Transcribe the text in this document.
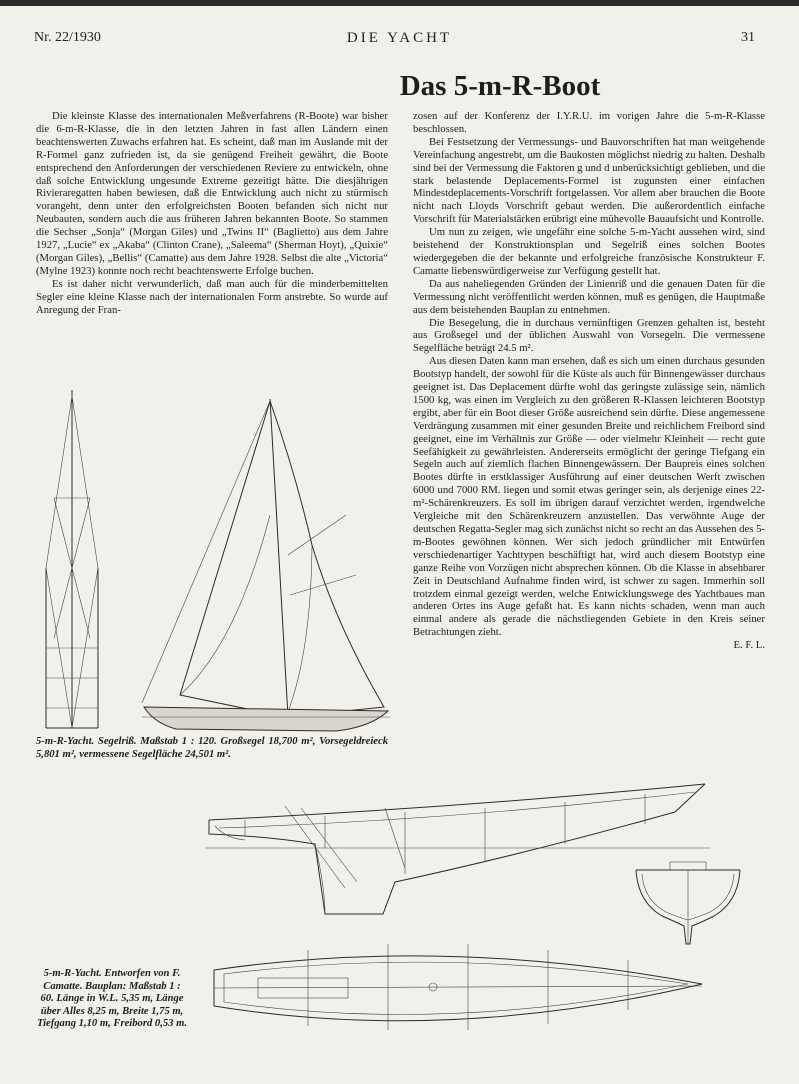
DIE YACHT
Nr. 22/1930	31
Das 5-m-R-Boot

Die kleinste Klasse des internationalen Meßverfahrens (R-Boote) war bisher die 6-m-R-Klasse, die in den letzten Jahren in fast allen Ländern einen beachtenswerten Zuwachs erfahren hat. Es scheint, daß man im Auslande mit der R-Formel ganz zufrieden ist, da sie genügend Freiheit gewährt, die Boote entsprechend den Anforderungen der verschiedenen Reviere zu entwickeln, ohne daß solche Entwicklung ungesunde Extreme gezeitigt hätte. Die diesjährigen Rivieraregatten haben bewiesen, daß die Entwicklung auch nicht zu stürmisch vorangeht, denn unter den erfolgreichsten Booten befanden sich nicht nur Neubauten, sondern auch die aus früheren Jahren bekannten Boote. So stammen die Sechser „Sonja“ (Morgan Giles) und „Twins II“ (Baglietto) aus dem Jahre 1927, „Lucie“ ex „Akaba“ (Clinton Crane), „Saleema“ (Sherman Hoyt), „Quixie“ (Morgan Giles), „Bellis“ (Camatte) aus dem Jahre 1928. Selbst die alte „Victoria“ (Mylne 1923) konnte noch recht beachtenswerte Erfolge buchen.

Es ist daher nicht verwunderlich, daß man auch für die minderbemittelten Segler eine kleine Klasse nach der internationalen Form anstrebte. So wurde auf Anregung der Fran-

zosen auf der Konferenz der I.Y.R.U. im vorigen Jahre die 5-m-R-Klasse beschlossen.

Bei Festsetzung der Vermessungs- und Bauvorschriften hat man weitgehende Vereinfachung angestrebt, um die Baukosten möglichst niedrig zu halten. Deshalb sind bei der Vermessung die Faktoren g und d unberücksichtigt geblieben, und die stark belastende Deplacements-Formel ist zugunsten einer einfachen Mindestdeplacements-Vorschrift fortgelassen. Vor allem aber brauchen die Boote nicht nach Lloyds Vorschrift gebaut werden. Die außerordentlich einfache Vorschrift für Materialstärken erübrigt eine mühevolle Bauaufsicht und Kontrolle.

Um nun zu zeigen, wie ungefähr eine solche 5-m-Yacht aussehen wird, sind beistehend der Konstruktionsplan und Segelriß eines solchen Bootes wiedergegeben die der bekannte und erfolgreiche französische Konstrukteur F. Camatte liebenswürdigerweise zur Verfügung gestellt hat.

Da aus naheliegenden Gründen der Linienriß und die genauen Daten für die Vermessung nicht veröffentlicht werden können, muß es genügen, die Hauptmaße aus dem beistehenden Bauplan zu entnehmen.

Die Besegelung, die in durchaus vernünftigen Grenzen gehalten ist, besteht aus Großsegel und der üblichen Auswahl von Vorsegeln. Die vermessene Segelfläche beträgt 24.5 m².

Aus diesen Daten kann man ersehen, daß es sich um einen durchaus gesunden Bootstyp handelt, der sowohl für die Küste als auch für Binnengewässer durchaus geeignet ist. Das Deplacement dürfte wohl das geringste zulässige sein, nämlich 1500 kg, was einen im Vergleich zu den größeren R-Klassen leichteren Bootstyp ergibt, aber für ein Boot dieser Größe ausreichend sein dürfte. Diese angemessene Verdrängung zusammen mit einer gesunden Breite und reichlichem Freibord sind geeignet, eine im Verhältnis zur Größe — oder vielmehr Kleinheit — recht gute Seefähigkeit zu gewährleisten. Andererseits ermöglicht der geringe Tiefgang ein Segeln auch auf ziemlich flachen Binnengewässern. Der Baupreis eines solchen Bootes dürfte in erstklassiger Ausführung auf einer deutschen Werft zwischen 6000 und 7000 RM. liegen und somit etwas geringer sein, als derjenige eines 22-m²-Schärenkreuzers. Es soll im übrigen darauf verzichtet werden, irgendwelche Vergleiche mit den Schärenkreuzern anzustellen. Das verwöhnte Auge der deutschen Regatta-Segler mag sich zunächst nicht so recht an das Aussehen des 5-m-Bootes gewöhnen können. Wer sich jedoch gründlicher mit Entwürfen verschiedenartiger Yachttypen beschäftigt hat, wird auch diesem Bootstyp eine ganze Reihe von Vorzügen nicht absprechen können. Ob die Klasse in absehbarer Zeit in Deutschland Aufnahme finden wird, ist schwer zu sagen. Immerhin soll trotzdem einmal gezeigt werden, welche Entwicklungswege des Yachtbaues man anderen Ortes ins Auge gefaßt hat. Es kann nichts schaden, wenn man auch einmal andere als gerade die nächstliegenden Gebiete in den Kreis seiner Betrachtungen zieht.

E. F. L.
5-m-R-Yacht. Segelriß. Maßstab 1 : 120. Großsegel 18,700 m², Vorsegeldreieck 5,801 m², vermessene Segelfläche 24,501 m².
5-m-R-Yacht. Entworfen von F. Camatte. Bauplan: Maßstab 1 : 60. Länge in W.L. 5,35 m, Länge über Alles 8,25 m, Breite 1,75 m, Tiefgang 1,10 m, Freibord 0,53 m.
